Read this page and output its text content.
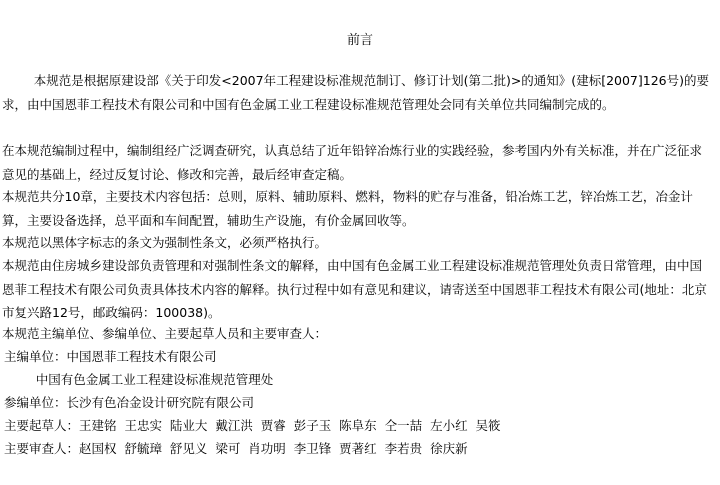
前言
本规范是根据原建设部《关于印发<2007年工程建设标准规范制订、修订计划(第二批)>的通知》(建标[2007]126号)的要求，由中国恩菲工程技术有限公司和中国有色金属工业工程建设标准规范管理处会同有关单位共同编制完成的。
在本规范编制过程中，编制组经广泛调查研究，认真总结了近年铅锌冶炼行业的实践经验，参考国内外有关标准，并在广泛征求意见的基础上，经过反复讨论、修改和完善，最后经审查定稿。
本规范共分10章，主要技术内容包括：总则，原料、辅助原料、燃料，物料的贮存与准备，铅冶炼工艺，锌冶炼工艺，冶金计算，主要设备选择，总平面和车间配置，辅助生产设施，有价金属回收等。
本规范以黑体字标志的条文为强制性条文，必须严格执行。
本规范由住房城乡建设部负责管理和对强制性条文的解释，由中国有色金属工业工程建设标准规范管理处负责日常管理，由中国恩菲工程技术有限公司负责具体技术内容的解释。执行过程中如有意见和建议，请寄送至中国恩菲工程技术有限公司(地址：北京市复兴路12号，邮政编码：100038)。
本规范主编单位、参编单位、主要起草人员和主要审查人：
主编单位：中国恩菲工程技术有限公司
中国有色金属工业工程建设标准规范管理处
参编单位：长沙有色冶金设计研究院有限公司
主要起草人：王建铭  王忠实  陆业大  戴江洪  贾睿  彭子玉  陈阜东  仝一喆  左小红  吴筱
主要审查人：赵国权  舒毓璋  舒见义  梁可  肖功明  李卫锋  贾著红  李若贵  徐庆新
